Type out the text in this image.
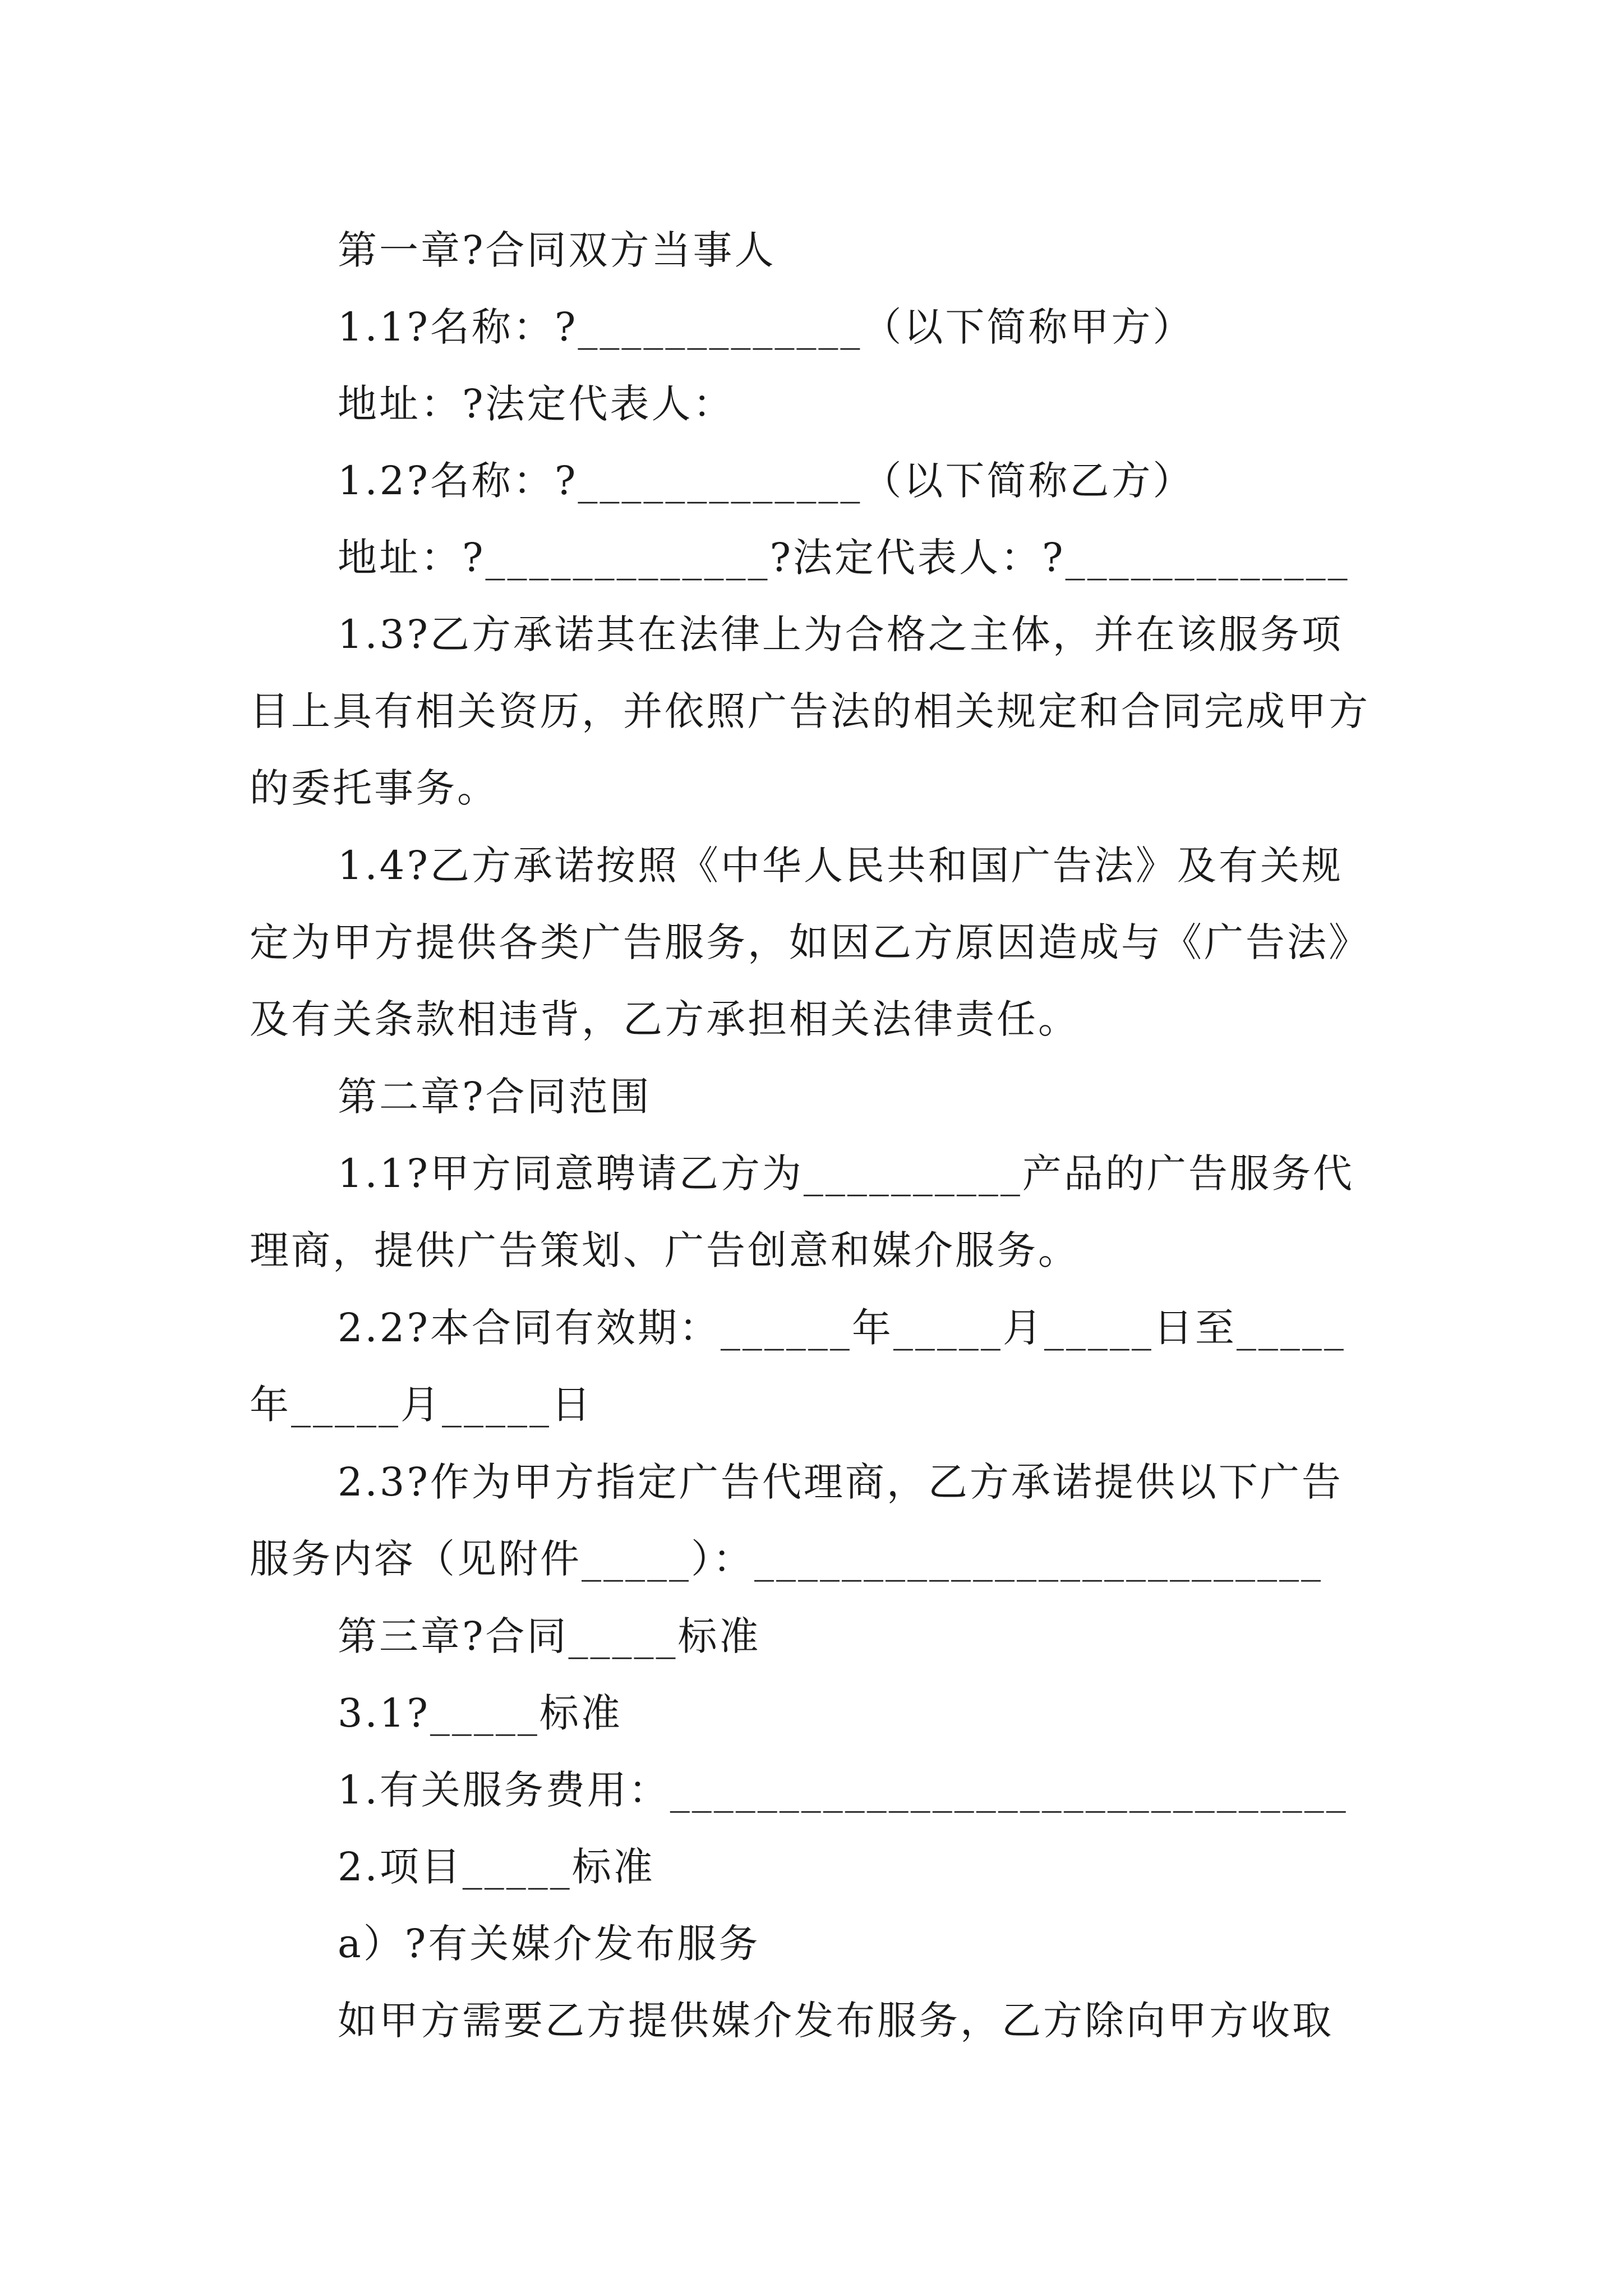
第一章?合同双方当事人

1.1?名称：?_____________（以下简称甲方）

地址：?法定代表人：

1.2?名称：?_____________（以下简称乙方）

地址：?_____________?法定代表人：?_____________

1.3?乙方承诺其在法律上为合格之主体，并在该服务项目上具有相关资历，并依照广告法的相关规定和合同完成甲方的委托事务。

1.4?乙方承诺按照《中华人民共和国广告法》及有关规定为甲方提供各类广告服务，如因乙方原因造成与《广告法》及有关条款相违背，乙方承担相关法律责任。

第二章?合同范围

1.1?甲方同意聘请乙方为__________产品的广告服务代理商，提供广告策划、广告创意和媒介服务。

2.2?本合同有效期：______年_____月_____日至_____年_____月_____日

2.3?作为甲方指定广告代理商，乙方承诺提供以下广告服务内容（见附件_____）：__________________________

第三章?合同_____标准

3.1?_____标准

1.有关服务费用：_______________________________

2.项目_____标准

a）?有关媒介发布服务

如甲方需要乙方提供媒介发布服务，乙方除向甲方收取
